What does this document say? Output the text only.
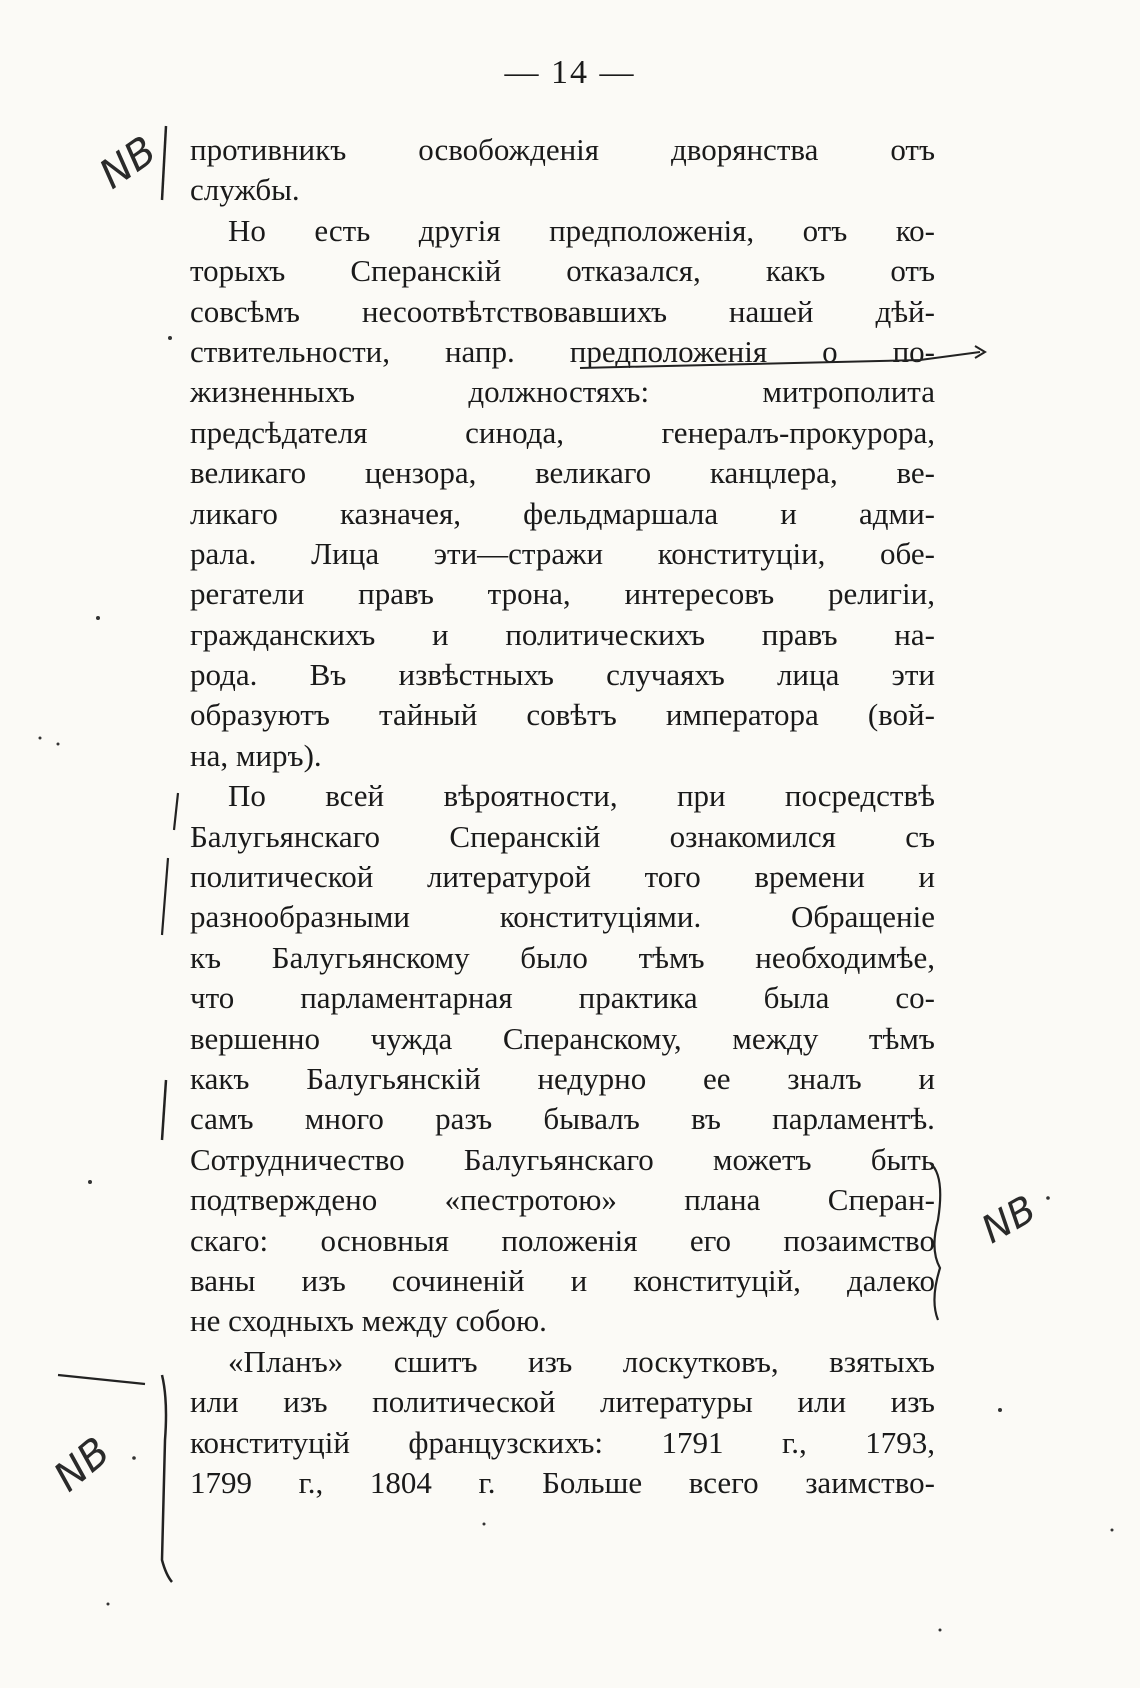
— 14 —
противникъ освобожденія дворянства отъ
службы.
Но есть другія предположенія, отъ ко-
торыхъ Сперанскій отказался, какъ отъ
совсѣмъ несоотвѣтствовавшихъ нашей дѣй-
ствительности, напр. предположенія о по-
жизненныхъ	должностяхъ:	митрополита
предсѣдателя	синода,	генералъ-прокурора,
великаго цензора, великаго канцлера, ве-
ликаго казначея, фельдмаршала и адми-
рала. Лица эти—стражи конституціи, обе-
регатели правъ трона, интересовъ религіи,
гражданскихъ и политическихъ правъ на-
рода. Въ извѣстныхъ случаяхъ лица эти
образуютъ тайный совѣтъ императора (вой-
на, миръ).
По всей вѣроятности, при посредствѣ
Балугьянскаго Сперанскій ознакомился съ
политической литературой того времени и
разнообразными	конституціями.	Обращеніе
къ Балугьянскому было тѣмъ необходимѣе,
что парламентарная практика была со-
вершенно чужда Сперанскому, между тѣмъ
какъ Балугьянскій недурно ее зналъ и
самъ много разъ бывалъ въ парламентѣ.
Сотрудничество Балугьянскаго можетъ быть
подтверждено «пестротою» плана Сперан-
скаго: основныя положенія его позаимство
ваны изъ сочиненій и конституцій, далеко
не сходныхъ между собою.
«Планъ» сшитъ изъ лоскутковъ, взятыхъ
или изъ политической литературы или изъ
конституцій французскихъ: 1791 г., 1793,
1799 г., 1804 г. Больше всего заимство-
NB
NB
NB
